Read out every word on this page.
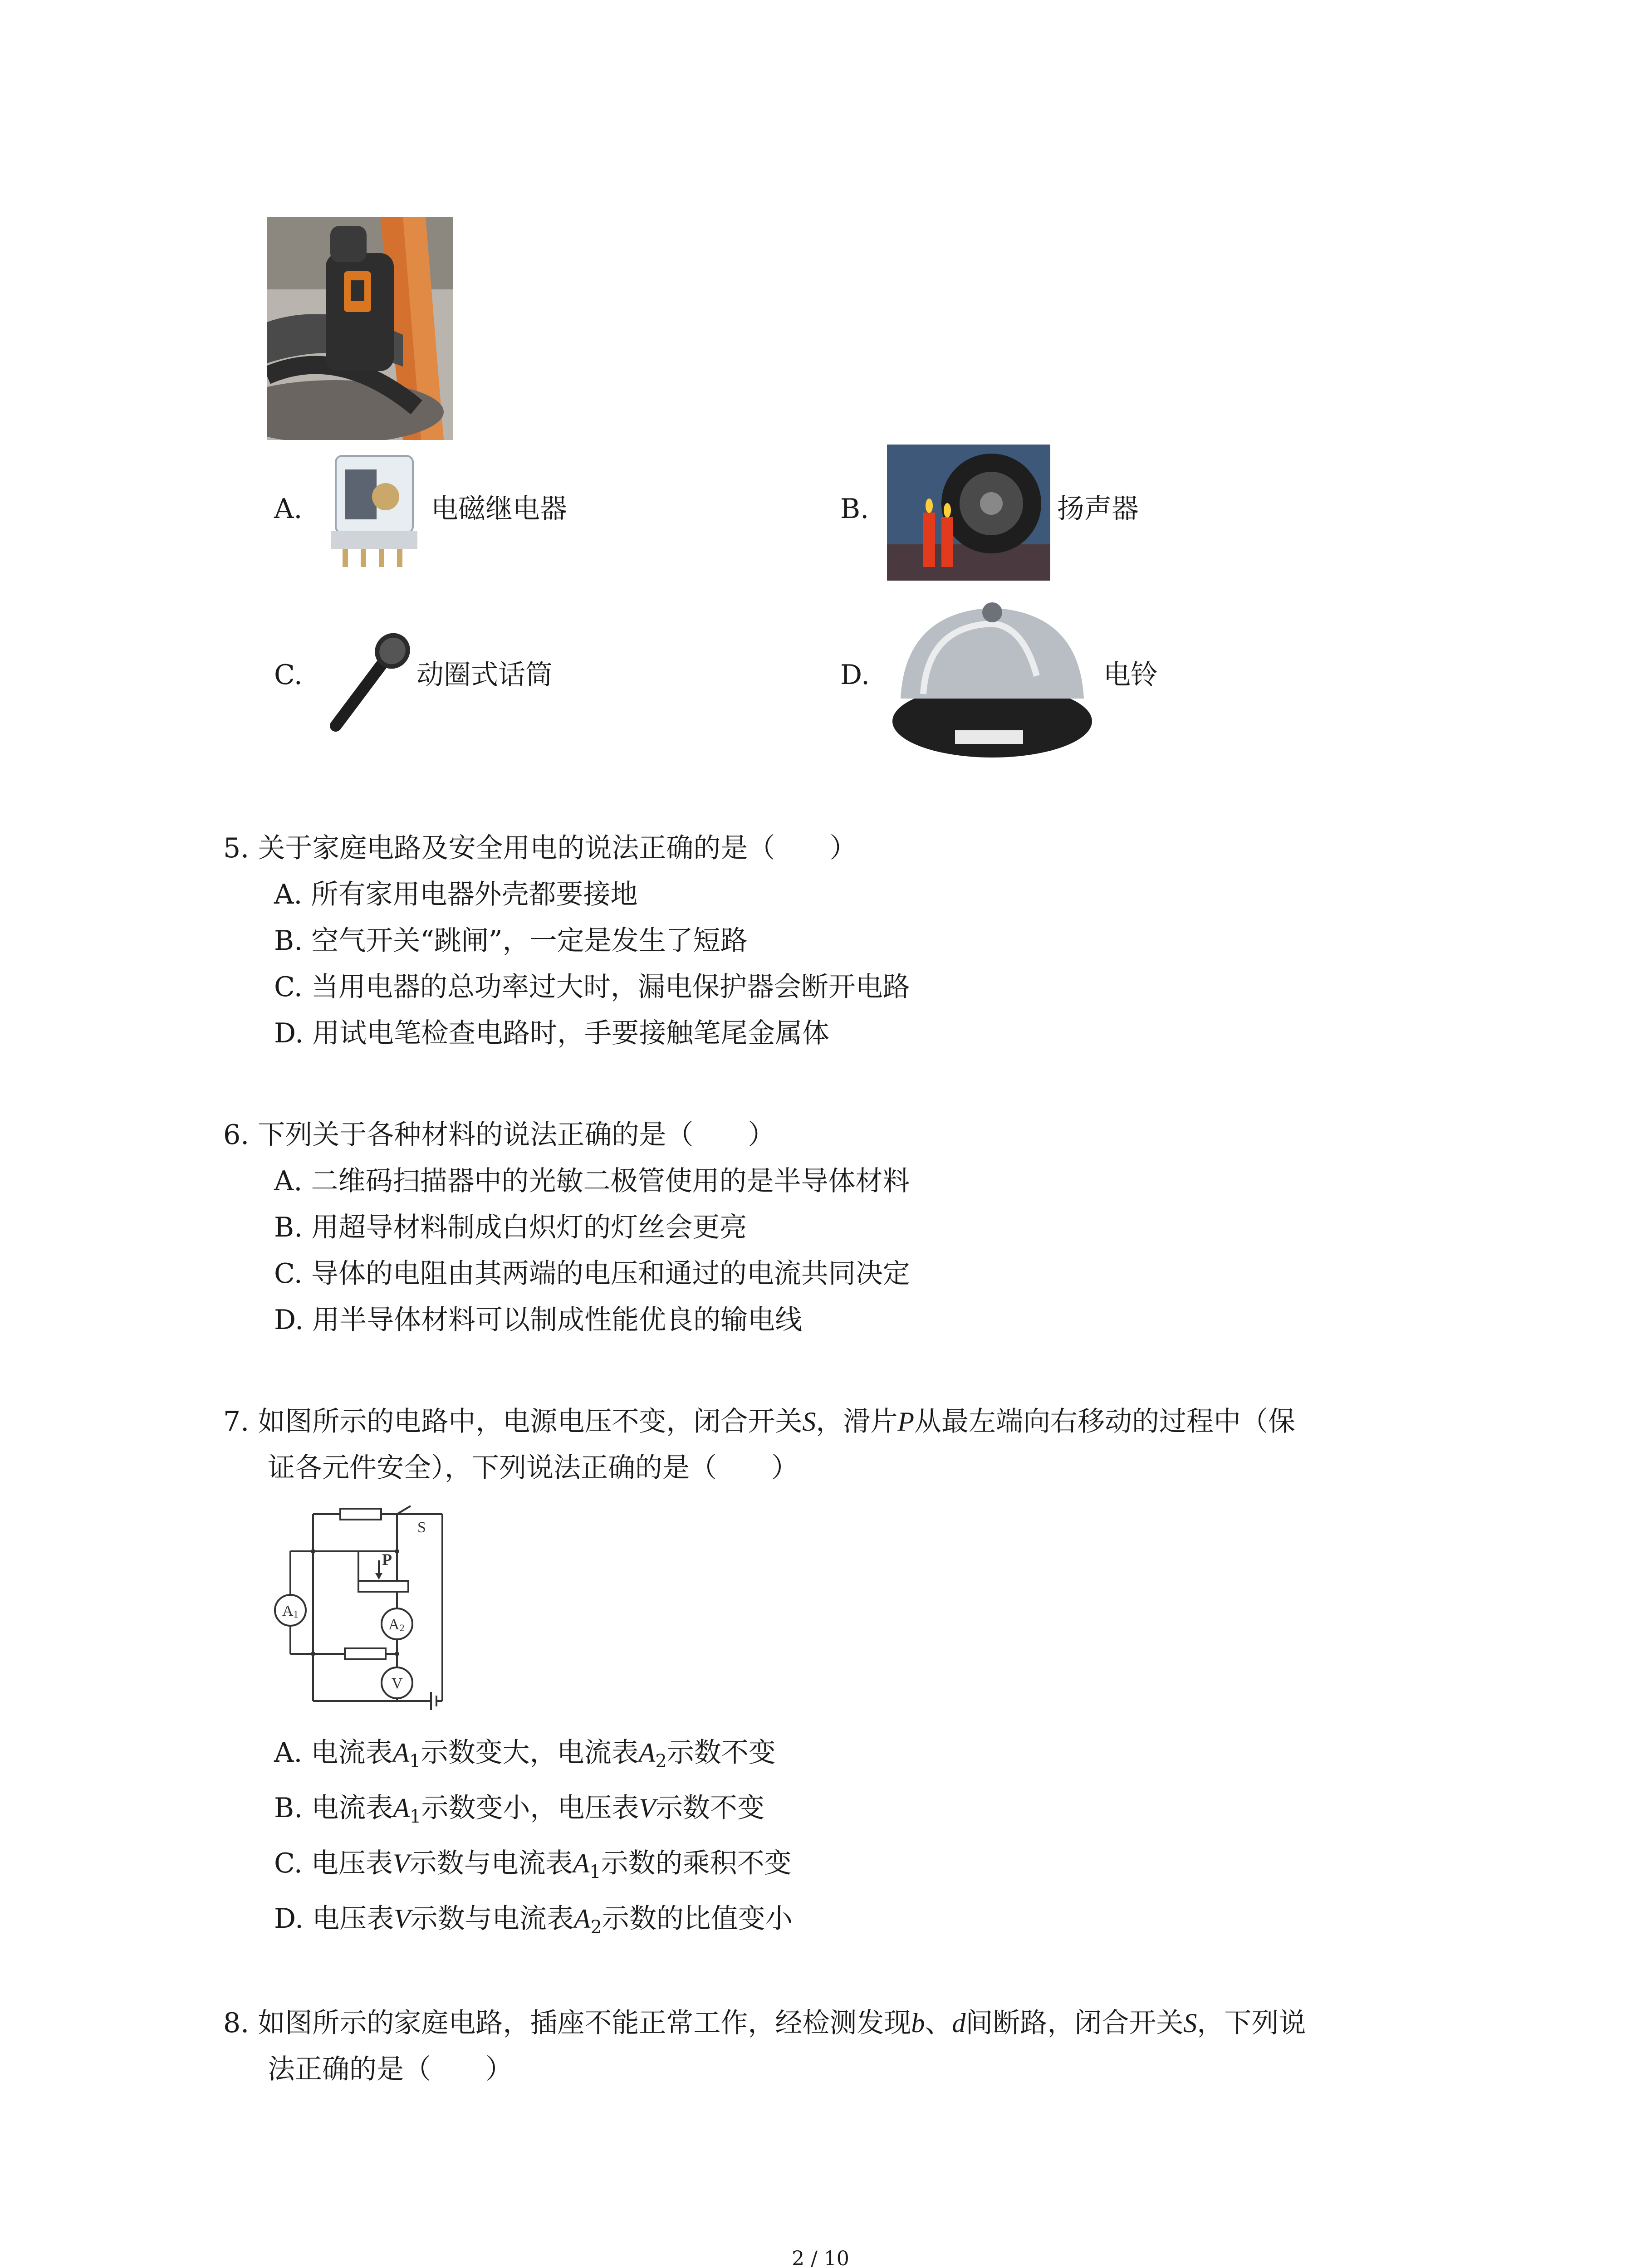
A.	电磁继电器	B.	扬声器
C.	动圈式话筒	D.	电铃
5. 关于家庭电路及安全用电的说法正确的是（　　）
A. 所有家用电器外壳都要接地
B. 空气开关“跳闸”，一定是发生了短路
C. 当用电器的总功率过大时，漏电保护器会断开电路
D. 用试电笔检查电路时，手要接触笔尾金属体
6. 下列关于各种材料的说法正确的是（　　）
A. 二维码扫描器中的光敏二极管使用的是半导体材料
B. 用超导材料制成白炽灯的灯丝会更亮
C. 导体的电阻由其两端的电压和通过的电流共同决定
D. 用半导体材料可以制成性能优良的输电线
7. 如图所示的电路中，电源电压不变，闭合开关S，滑片P从最左端向右移动的过程中（保
证各元件安全），下列说法正确的是（　　）
S
P
A1
A2
V
A. 电流表$A_1$示数变大，电流表$A_2$示数不变
B. 电流表$A_1$示数变小，电压表V示数不变
C. 电压表V示数与电流表$A_1$示数的乘积不变
D. 电压表V示数与电流表$A_2$示数的比值变小
8. 如图所示的家庭电路，插座不能正常工作，经检测发现b、d间断路，闭合开关S，下列说
法正确的是（　　）
2 / 10
